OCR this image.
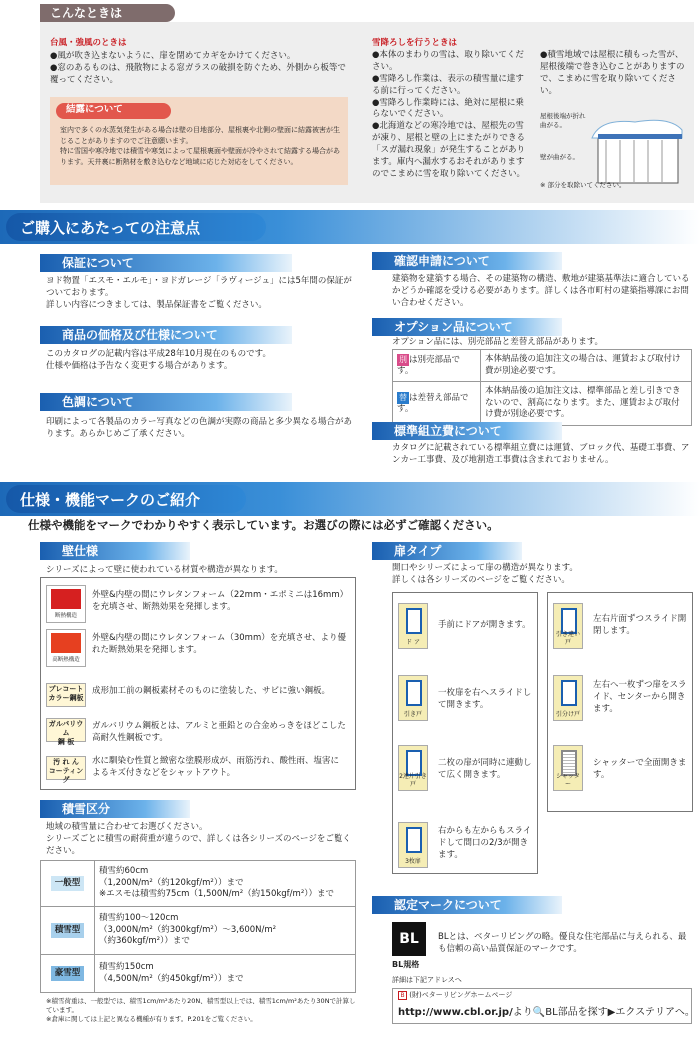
こんなときは
台風・強風のときは
●風が吹き込まないように、扉を閉めてカギをかけてください。
●窓のあるものは、飛散物による窓ガラスの破損を防ぐため、外側から板等で覆ってください。
結露について
室内で多くの水蒸気発生がある場合は壁の目地部分、屋根裏や北側の壁面に結露被害が生じることがありますのでご注意願います。
特に雪国や寒冷地では積雪や寒気によって屋根裏面や壁面が冷やされて結露する場合があります。天井裏に断熱材を敷き込むなど地域に応じた対応をしてください。
雪降ろしを行うときは
●本体のまわりの雪は、取り除いてください。
●雪降ろし作業は、表示の積雪量に達する前に行ってください。
●雪降ろし作業時には、絶対に屋根に乗らないでください。
●北海道などの寒冷地では、屋根先の雪が凍り、屋根と壁の上にまたがりできる「スガ漏れ現象」が発生することがあります。庫内へ漏水するおそれがありますのでこまめに雪を取り除いてください。
●積雪地域では屋根に積もった雪が、屋根後端で巻き込むことがありますので、こまめに雪を取り除いてください。
屋根後端が折れ曲がる。
壁が曲がる。
※ 部分を取除いてください。
ご購入にあたっての注意点
保証について
ヨド物置「エスモ・エルモ」・ヨドガレージ「ラヴィージュ」には5年間の保証がついております。
詳しい内容につきましては、製品保証書をご覧ください。
商品の価格及び仕様について
このカタログの記載内容は平成28年10月現在のものです。
仕様や価格は予告なく変更する場合があります。
色調について
印刷によって各製品のカラー写真などの色調が実際の商品と多少異なる場合があります。あらかじめご了承ください。
確認申請について
建築物を建築する場合、その建築物の構造、敷地が建築基準法に適合しているかどうか確認を受ける必要があります。詳しくは各市町村の建築指導課にお問い合わせください。
オプション品について
オプション品には、別売部品と差替え部品があります。
別 は別売部品です。	本体納品後の追加注文の場合は、運賃および取付け費が別途必要です。
替 は差替え部品です。	本体納品後の追加注文は、標準部品と差し引きできないので、割高になります。また、運賃および取付け費が別途必要です。
標準組立費について
カタログに記載されている標準組立費には運賃、ブロック代、基礎工事費、アンカー工事費、及び地割造工事費は含まれておりません。
仕様・機能マークのご紹介
仕様や機能をマークでわかりやすく表示しています。お選びの際には必ずご確認ください。
壁仕様
シリーズによって壁に使われている材質や構造が異なります。
断熱構造
外壁&内壁の間にウレタンフォーム（22mm・エポミニは16mm）を充填させ、断熱効果を発揮します。
高断熱構造
外壁&内壁の間にウレタンフォーム（30mm）を充填させ、より優れた断熱効果を発揮します。
プレコート
カラー鋼板
成形加工前の鋼板素材そのものに塗装した、サビに強い鋼板。
ガルバリウム
鋼 板
ガルバリウム鋼板とは、アルミと亜鉛との合金めっきをほどこした高耐久性鋼板です。
汚 れ ん
コーティング
水に馴染む性質と緻密な塗膜形成が、雨筋汚れ、酸性雨、塩害によるキズ付きなどをシャットアウト。
積雪区分
地域の積雪量に合わせてお選びください。
シリーズごとに積雪の耐荷重が違うので、詳しくは各シリーズのページをご覧ください。
一般型	積雪約60cm
（1,200N/m²（約120kgf/m²））まで
※エスモは積雪約75cm（1,500N/m²（約150kgf/m²））まで
積雪型	積雪約100～120cm
（3,000N/m²（約300kgf/m²）～3,600N/m²
（約360kgf/m²））まで
豪雪型	積雪約150cm
（4,500N/m²（約450kgf/m²））まで
※積雪荷重は、一般型では、積雪1cm/m²あたり20N、積雪型以上では、積雪1cm/m²あたり30Nで計算しています。
※倉庫に関しては上記と異なる機種が有ります。P.201をご覧ください。
扉タイプ
開口やシリーズによって扉の構造が異なります。
詳しくは各シリーズのページをご覧ください。
ド ア
手前にドアが開きます。
引き違い戸
左右片面ずつスライド開閉します。
引き戸
一枚扉を右へスライドして開きます。
引分け戸
左右へ一枚ずつ扉をスライド、センターから開きます。
2連片引き戸
二枚の扉が同時に連動して広く開きます。	シャッター
シャッターで全面開きます。
3枚扉
右からも左からもスライドして間口の2/3が開きます。
認定マークについて
BL
BL規格
BLとは、ベターリビングの略。優良な住宅部品に与えられる、最も信頼の高い品質保証のマークです。
詳細は下記アドレスへ
B (財)ベターリビングホームページ
http://www.cbl.or.jp/より🔍BL部品を探す▶エクステリアへ。
